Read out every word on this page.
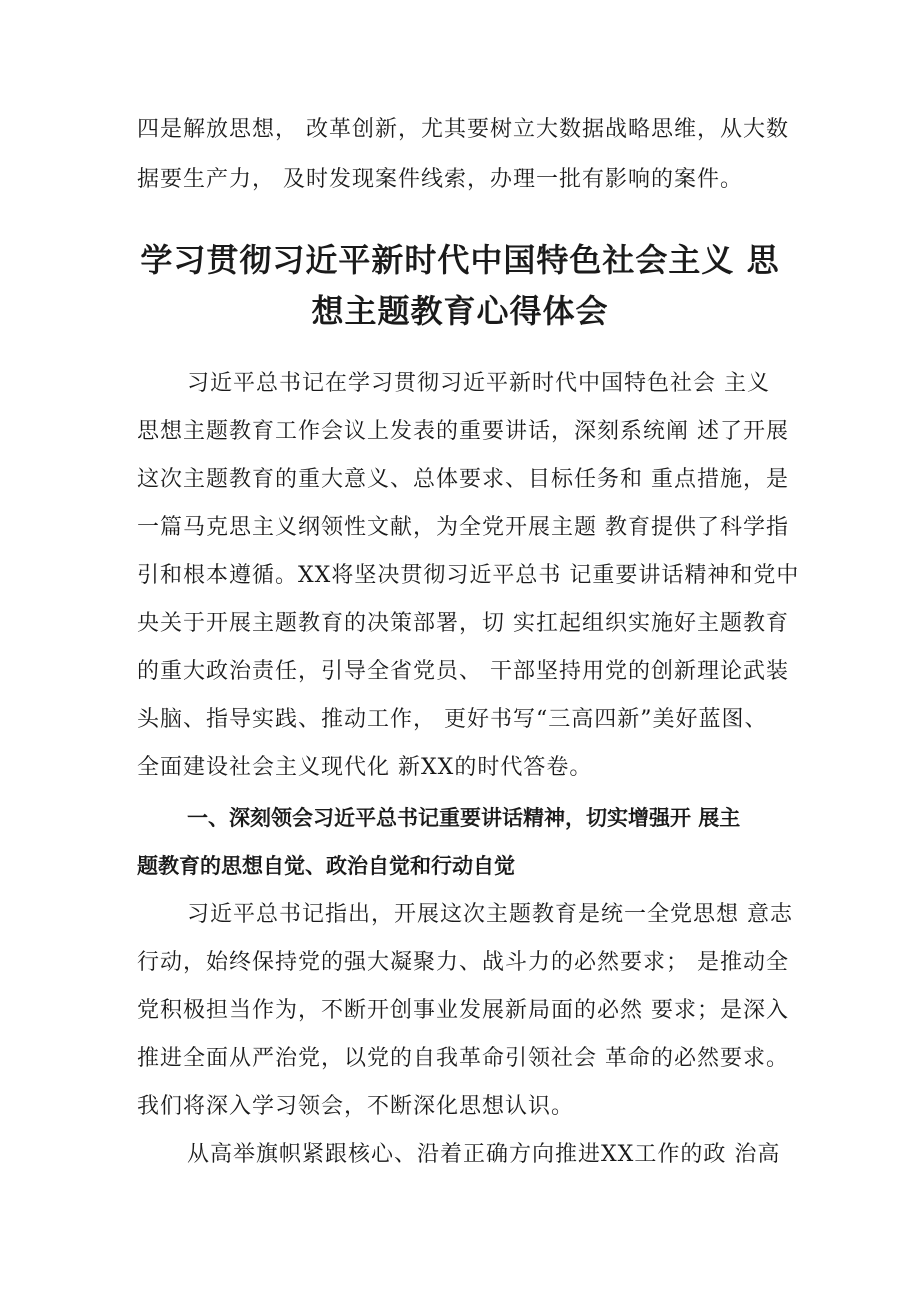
四是解放思想， 改革创新，尤其要树立大数据战略思维，从大数
据要生产力， 及时发现案件线索，办理一批有影响的案件。
学习贯彻习近平新时代中国特色社会主义 思
想主题教育心得体会
习近平总书记在学习贯彻习近平新时代中国特色社会 主义
思想主题教育工作会议上发表的重要讲话，深刻系统阐 述了开展
这次主题教育的重大意义、总体要求、目标任务和 重点措施，是
一篇马克思主义纲领性文献，为全党开展主题 教育提供了科学指
引和根本遵循。XX将坚决贯彻习近平总书 记重要讲话精神和党中
央关于开展主题教育的决策部署，切 实扛起组织实施好主题教育
的重大政治责任，引导全省党员、 干部坚持用党的创新理论武装
头脑、指导实践、推动工作， 更好书写“三高四新”美好蓝图、
全面建设社会主义现代化 新XX的时代答卷。
一、深刻领会习近平总书记重要讲话精神，切实增强开 展主
题教育的思想自觉、政治自觉和行动自觉
习近平总书记指出，开展这次主题教育是统一全党思想 意志
行动，始终保持党的强大凝聚力、战斗力的必然要求； 是推动全
党积极担当作为，不断开创事业发展新局面的必然 要求；是深入
推进全面从严治党，以党的自我革命引领社会 革命的必然要求。
我们将深入学习领会，不断深化思想认识。
从高举旗帜紧跟核心、沿着正确方向推进XX工作的政 治高
